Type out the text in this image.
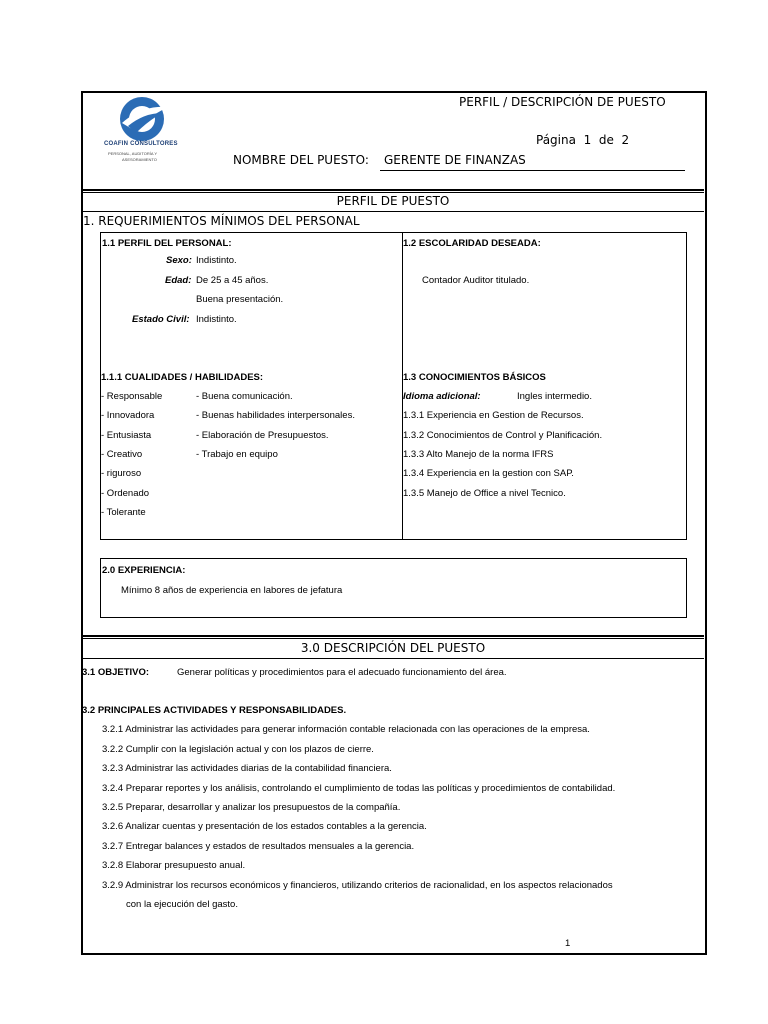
COAFIN CONSULTORES
PERSONAL, AUDITORÍA Y
ASESORAMIENTO
PERFIL / DESCRIPCIÓN DE PUESTO
Página 1 de 2
NOMBRE DEL PUESTO: GERENTE DE FINANZAS
PERFIL DE PUESTO
1. REQUERIMIENTOS MÍNIMOS DEL PERSONAL
1.1 PERFIL DEL PERSONAL:
Sexo: Indistinto.
Edad: De 25 a 45 años.
Buena presentación.
Estado Civil: Indistinto.
1.2 ESCOLARIDAD DESEADA:
Contador Auditor titulado.
1.1.1 CUALIDADES / HABILIDADES:
- Responsable
- Innovadora
- Entusiasta
- Creativo
- riguroso
- Ordenado
- Tolerante
- Buena comunicación.
- Buenas habilidades interpersonales.
- Elaboración de Presupuestos.
- Trabajo en equipo
1.3 CONOCIMIENTOS BÁSICOS
Idioma adicional:	Ingles intermedio.
1.3.1 Experiencia en Gestion de Recursos.
1.3.2 Conocimientos de Control y Planificación.
1.3.3 Alto Manejo de la norma IFRS
1.3.4 Experiencia en la gestion con SAP.
1.3.5 Manejo de Office a nivel Tecnico.
2.0 EXPERIENCIA:
Mínimo 8 años de experiencia en labores de jefatura
3.0 DESCRIPCIÓN DEL PUESTO
3.1 OBJETIVO:	Generar políticas y procedimientos para el adecuado funcionamiento del área.
3.2 PRINCIPALES ACTIVIDADES Y RESPONSABILIDADES.
3.2.1 Administrar las actividades para generar información contable relacionada con las operaciones de la empresa.
3.2.2 Cumplir con la legislación actual y con los plazos de cierre.
3.2.3 Administrar las actividades diarias de la contabilidad financiera.
3.2.4 Preparar reportes y los análisis, controlando el cumplimiento de todas las políticas y procedimientos de contabilidad.
3.2.5 Preparar, desarrollar y analizar los presupuestos de la compañía.
3.2.6 Analizar cuentas y presentación de los estados contables a la gerencia.
3.2.7 Entregar balances y estados de resultados mensuales a la gerencia.
3.2.8 Elaborar presupuesto anual.
3.2.9 Administrar los recursos económicos y financieros, utilizando criterios de racionalidad, en los aspectos relacionados
con la ejecución del gasto.
1
